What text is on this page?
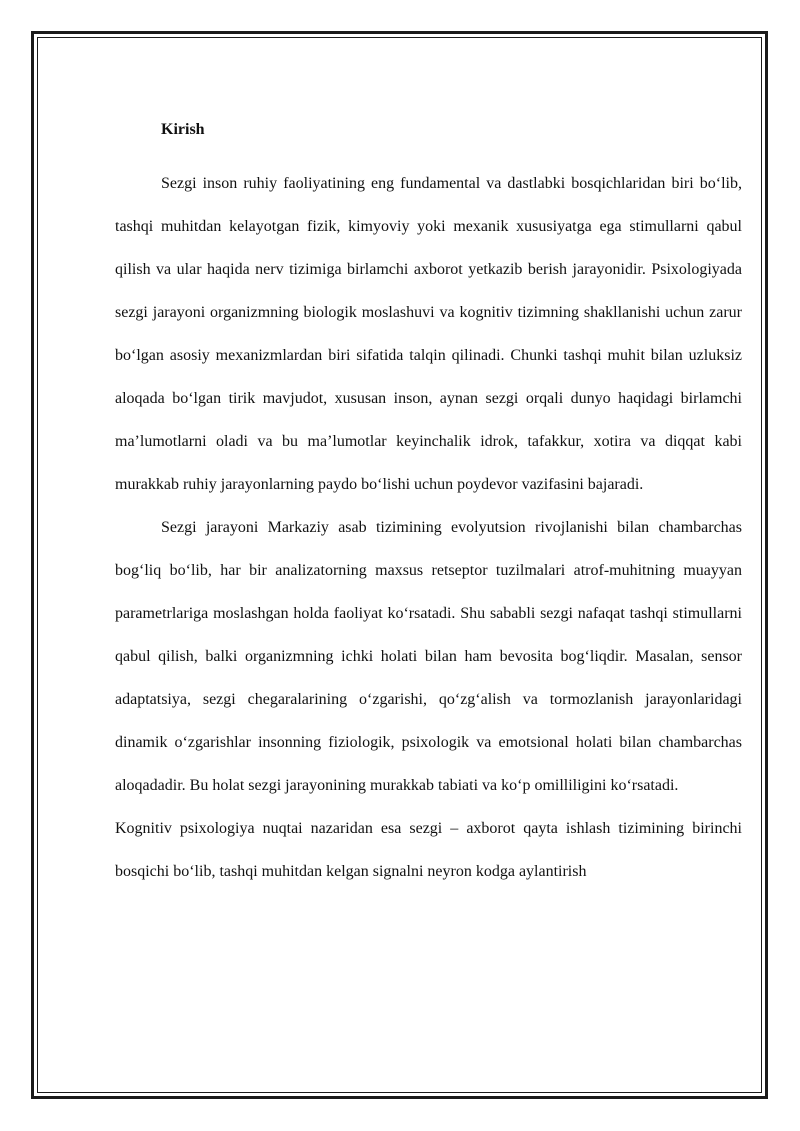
Kirish

Sezgi inson ruhiy faoliyatining eng fundamental va dastlabki bosqichlaridan biri bo‘lib, tashqi muhitdan kelayotgan fizik, kimyoviy yoki mexanik xususiyatga ega stimullarni qabul qilish va ular haqida nerv tizimiga birlamchi axborot yetkazib berish jarayonidir. Psixologiyada sezgi jarayoni organizmning biologik moslashuvi va kognitiv tizimning shakllanishi uchun zarur bo‘lgan asosiy mexanizmlardan biri sifatida talqin qilinadi. Chunki tashqi muhit bilan uzluksiz aloqada bo‘lgan tirik mavjudot, xususan inson, aynan sezgi orqali dunyo haqidagi birlamchi ma’lumotlarni oladi va bu ma’lumotlar keyinchalik idrok, tafakkur, xotira va diqqat kabi murakkab ruhiy jarayonlarning paydo bo‘lishi uchun poydevor vazifasini bajaradi.

Sezgi jarayoni Markaziy asab tizimining evolyutsion rivojlanishi bilan chambarchas bog‘liq bo‘lib, har bir analizatorning maxsus retseptor tuzilmalari atrof-muhitning muayyan parametrlariga moslashgan holda faoliyat ko‘rsatadi. Shu sababli sezgi nafaqat tashqi stimullarni qabul qilish, balki organizmning ichki holati bilan ham bevosita bog‘liqdir. Masalan, sensor adaptatsiya, sezgi chegaralarining o‘zgarishi, qo‘zg‘alish va tormozlanish jarayonlaridagi dinamik o‘zgarishlar insonning fiziologik, psixologik va emotsional holati bilan chambarchas aloqadadir. Bu holat sezgi jarayonining murakkab tabiati va ko‘p omilliligini ko‘rsatadi.

Kognitiv psixologiya nuqtai nazaridan esa sezgi – axborot qayta ishlash tizimining birinchi bosqichi bo‘lib, tashqi muhitdan kelgan signalni neyron kodga aylantirish
